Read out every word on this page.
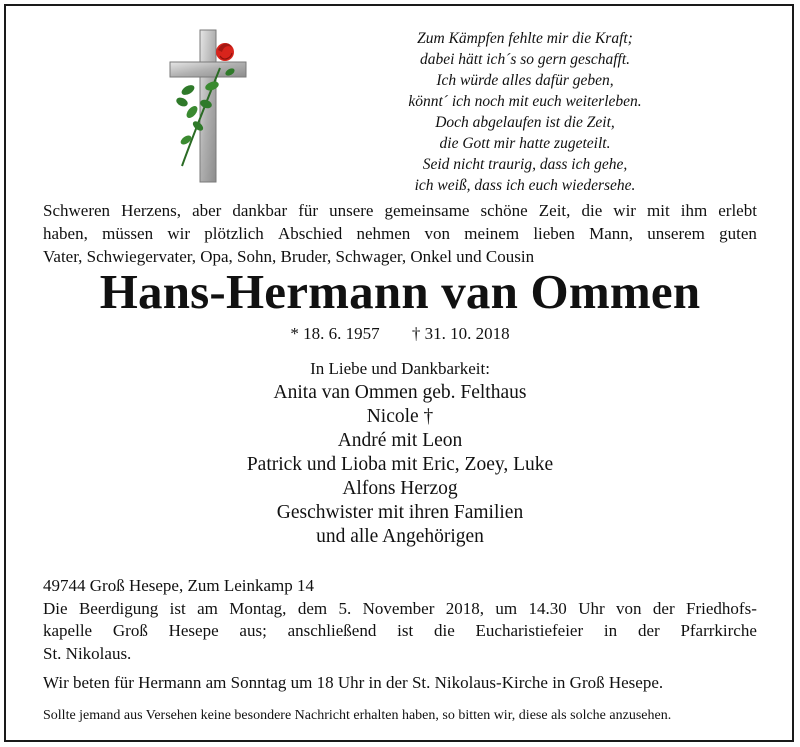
Zum Kämpfen fehlte mir die Kraft;
dabei hätt ich´s so gern geschafft.
Ich würde alles dafür geben,
könnt´ ich noch mit euch weiterleben.
Doch abgelaufen ist die Zeit,
die Gott mir hatte zugeteilt.
Seid nicht traurig, dass ich gehe,
ich weiß, dass ich euch wiedersehe.
Schweren Herzens, aber dankbar für unsere gemeinsame schöne Zeit, die wir mit ihm erlebt
haben, müssen wir plötzlich Abschied nehmen von meinem lieben Mann, unserem guten
Vater, Schwiegervater, Opa, Sohn, Bruder, Schwager, Onkel und Cousin
Hans-Hermann van Ommen
* 18. 6. 1957 † 31. 10. 2018
In Liebe und Dankbarkeit:
Anita van Ommen geb. Felthaus
Nicole †
André mit Leon
Patrick und Lioba mit Eric, Zoey, Luke
Alfons Herzog
Geschwister mit ihren Familien
und alle Angehörigen
49744 Groß Hesepe, Zum Leinkamp 14
Die Beerdigung ist am Montag, dem 5. November 2018, um 14.30 Uhr von der Friedhofs-
kapelle Groß Hesepe aus; anschließend ist die Eucharistiefeier in der Pfarrkirche
St. Nikolaus.
Wir beten für Hermann am Sonntag um 18 Uhr in der St. Nikolaus-Kirche in Groß Hesepe.
Sollte jemand aus Versehen keine besondere Nachricht erhalten haben, so bitten wir, diese als solche anzusehen.
